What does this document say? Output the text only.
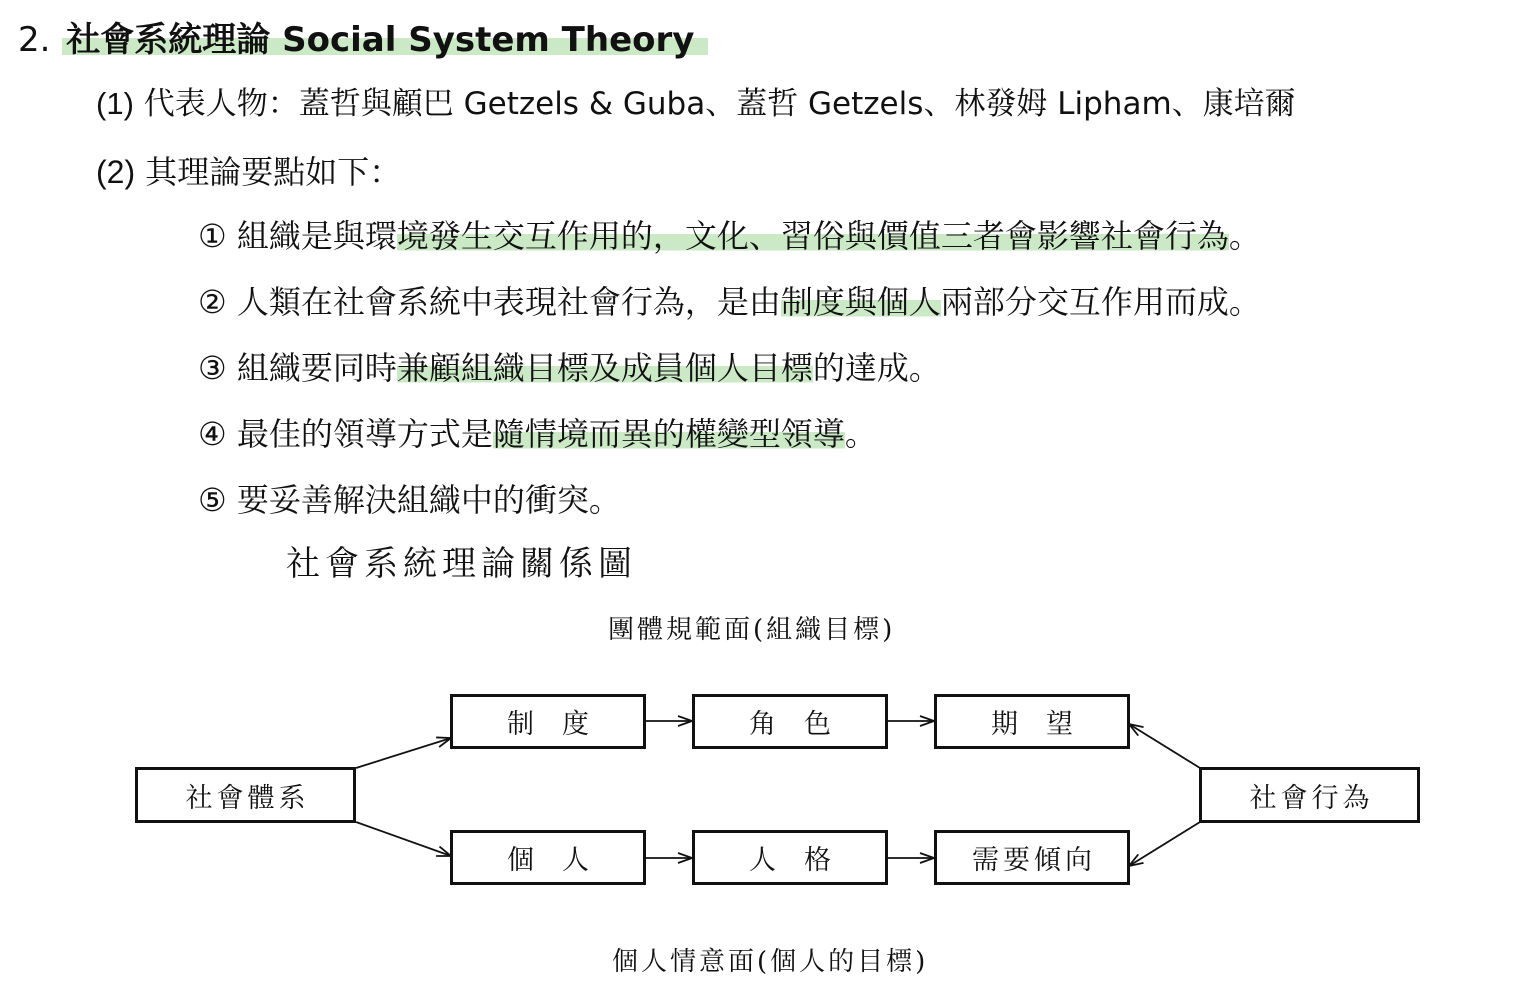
2. 社會系統理論 Social System Theory
(1) 代表人物：蓋哲與顧巴 Getzels & Guba、蓋哲 Getzels、林發姆 Lipham、康培爾
(2) 其理論要點如下：
① 組織是與環境發生交互作用的，文化、習俗與價值三者會影響社會行為。
② 人類在社會系統中表現社會行為，是由制度與個人兩部分交互作用而成。
③ 組織要同時兼顧組織目標及成員個人目標的達成。
④ 最佳的領導方式是隨情境而異的權變型領導。
⑤ 要妥善解決組織中的衝突。
社會系統理論關係圖
團體規範面(組織目標)
社會體系
制度	角色	期望
個人	人格	需要傾向
社會行為
個人情意面(個人的目標)
